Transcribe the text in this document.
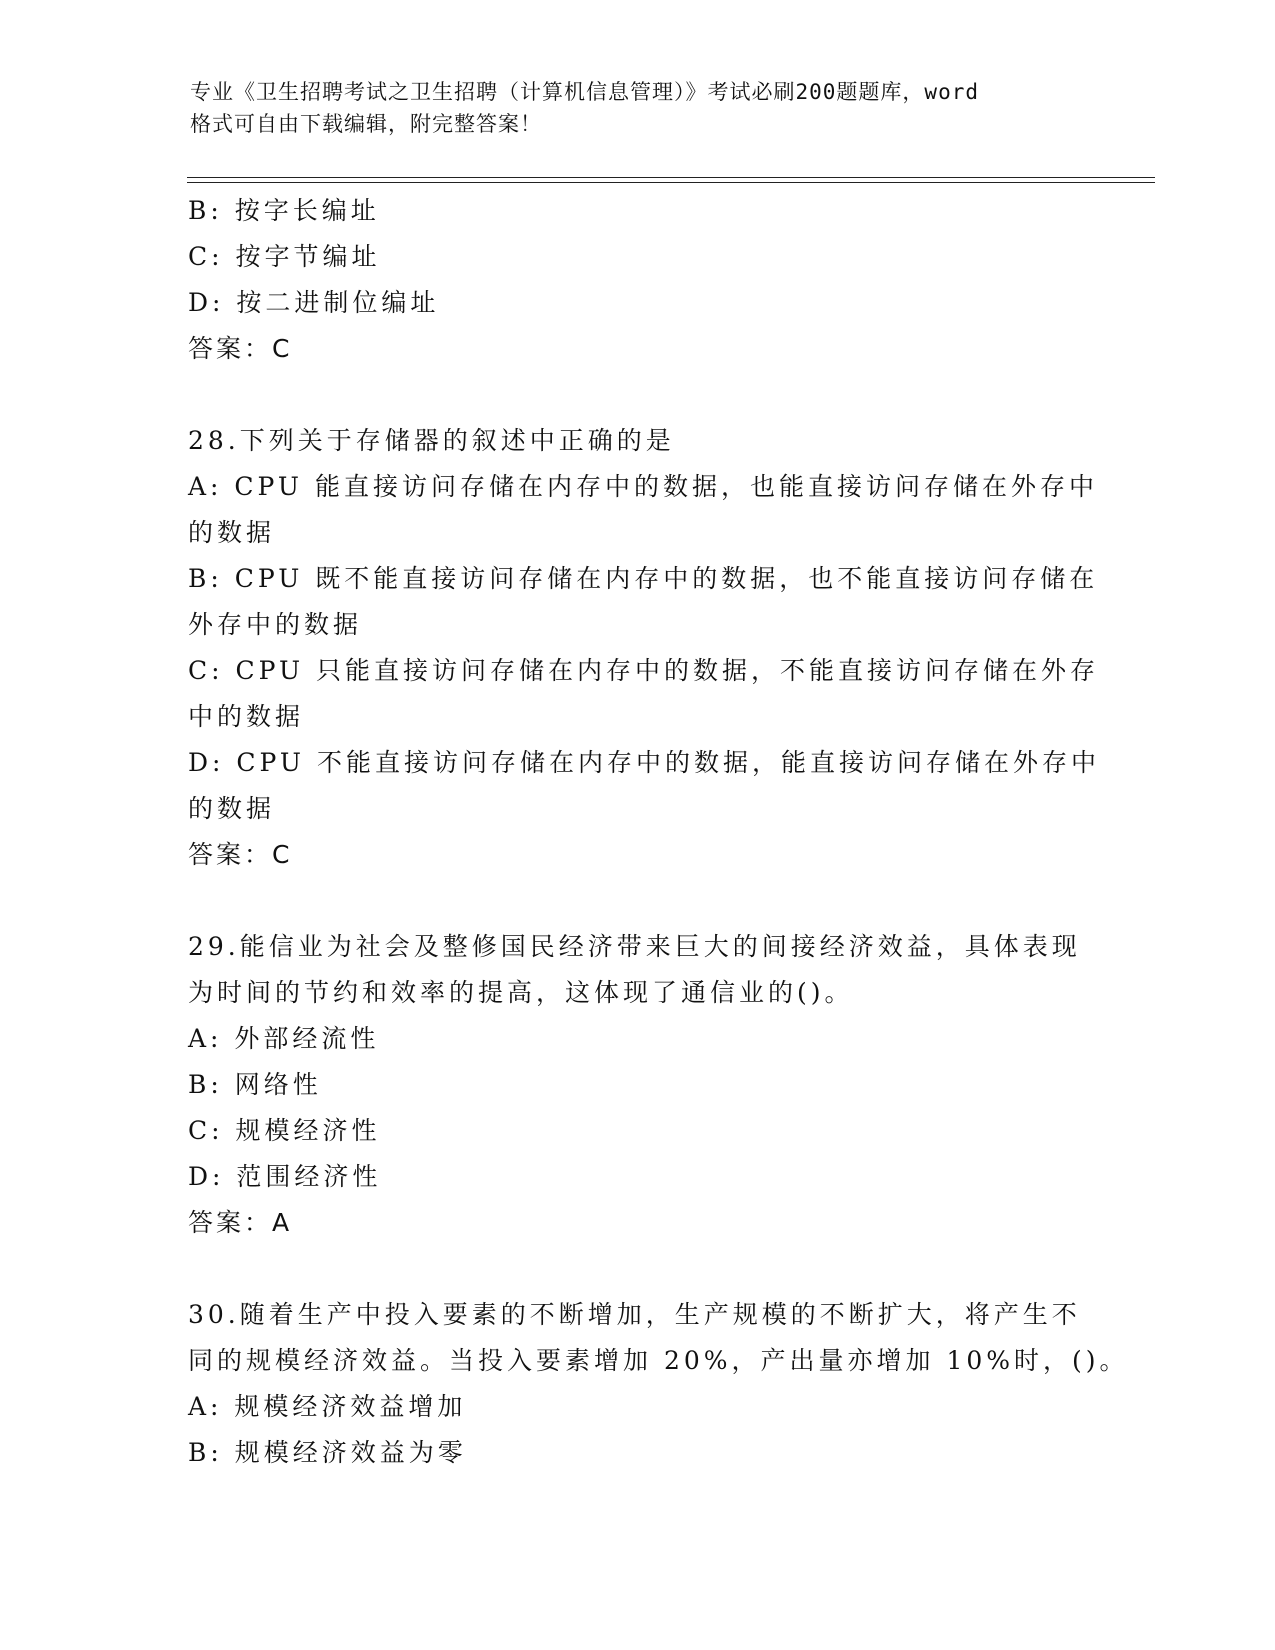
专业《卫生招聘考试之卫生招聘（计算机信息管理）》考试必刷200题题库，word
格式可自由下载编辑，附完整答案！
B: 按字长编址
C: 按字节编址
D: 按二进制位编址
答案：C
28.下列关于存储器的叙述中正确的是
A: CPU 能直接访问存储在内存中的数据，也能直接访问存储在外存中
的数据
B: CPU 既不能直接访问存储在内存中的数据，也不能直接访问存储在
外存中的数据
C: CPU 只能直接访问存储在内存中的数据，不能直接访问存储在外存
中的数据
D: CPU 不能直接访问存储在内存中的数据，能直接访问存储在外存中
的数据
答案：C
29.能信业为社会及整修国民经济带来巨大的间接经济效益，具体表现
为时间的节约和效率的提高，这体现了通信业的()。
A: 外部经流性
B: 网络性
C: 规模经济性
D: 范围经济性
答案：A
30.随着生产中投入要素的不断增加，生产规模的不断扩大，将产生不
同的规模经济效益。当投入要素增加 20%，产出量亦增加 10%时，()。
A: 规模经济效益增加
B: 规模经济效益为零
